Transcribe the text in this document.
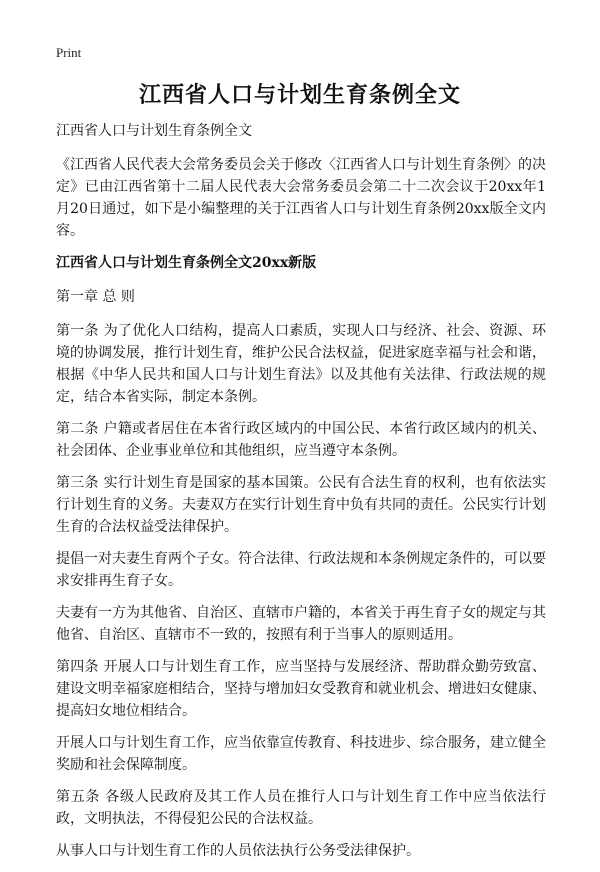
Print
江西省人口与计划生育条例全文

江西省人口与计划生育条例全文

《江西省人民代表大会常务委员会关于修改〈江西省人口与计划生育条例〉的决定》已由江西省第十二届人民代表大会常务委员会第二十二次会议于20xx年1月20日通过，如下是小编整理的关于江西省人口与计划生育条例20xx版全文内容。

江西省人口与计划生育条例全文20xx新版

第一章 总 则

第一条 为了优化人口结构，提高人口素质，实现人口与经济、社会、资源、环境的协调发展，推行计划生育，维护公民合法权益，促进家庭幸福与社会和谐，根据《中华人民共和国人口与计划生育法》以及其他有关法律、行政法规的规定，结合本省实际，制定本条例。

第二条 户籍或者居住在本省行政区域内的中国公民、本省行政区域内的机关、社会团体、企业事业单位和其他组织，应当遵守本条例。

第三条 实行计划生育是国家的基本国策。公民有合法生育的权利，也有依法实行计划生育的义务。夫妻双方在实行计划生育中负有共同的责任。公民实行计划生育的合法权益受法律保护。

提倡一对夫妻生育两个子女。符合法律、行政法规和本条例规定条件的，可以要求安排再生育子女。

夫妻有一方为其他省、自治区、直辖市户籍的，本省关于再生育子女的规定与其他省、自治区、直辖市不一致的，按照有利于当事人的原则适用。

第四条 开展人口与计划生育工作，应当坚持与发展经济、帮助群众勤劳致富、建设文明幸福家庭相结合，坚持与增加妇女受教育和就业机会、增进妇女健康、提高妇女地位相结合。

开展人口与计划生育工作，应当依靠宣传教育、科技进步、综合服务，建立健全奖励和社会保障制度。

第五条 各级人民政府及其工作人员在推行人口与计划生育工作中应当依法行政，文明执法，不得侵犯公民的合法权益。

从事人口与计划生育工作的人员依法执行公务受法律保护。
